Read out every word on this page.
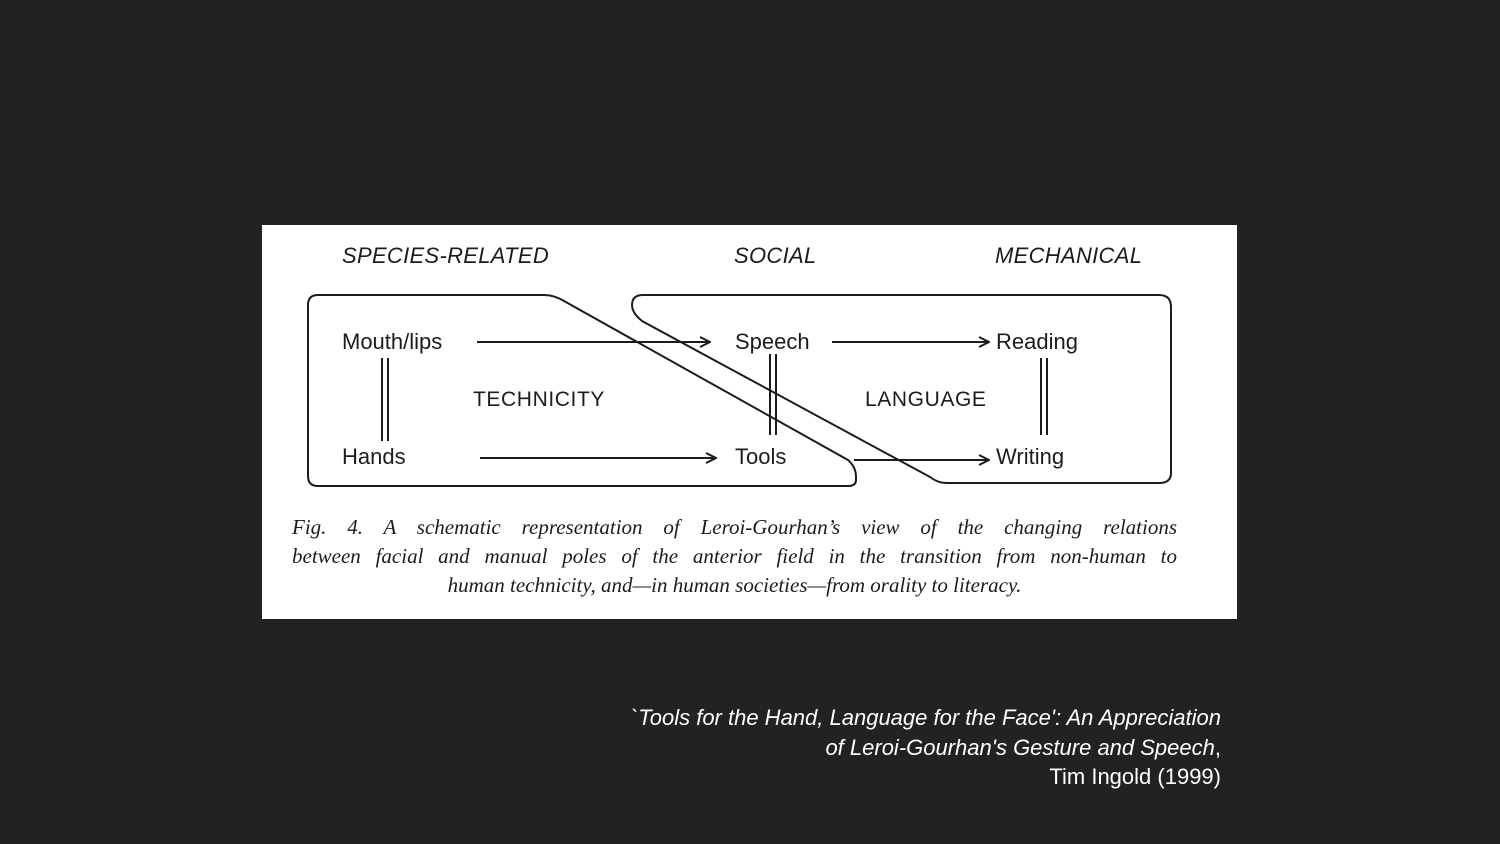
SPECIES-RELATED	SOCIAL	MECHANICAL
Mouth/lips
Hands
Speech
Tools
Reading
Writing
TECHNICITY	LANGUAGE
Fig. 4. A schematic representation of Leroi-Gourhan’s view of the changing relations
between facial and manual poles of the anterior field in the transition from non-human to
human technicity, and—in human societies—from orality to literacy.
`Tools for the Hand, Language for the Face': An Appreciation
of Leroi-Gourhan's Gesture and Speech,
Tim Ingold (1999)
